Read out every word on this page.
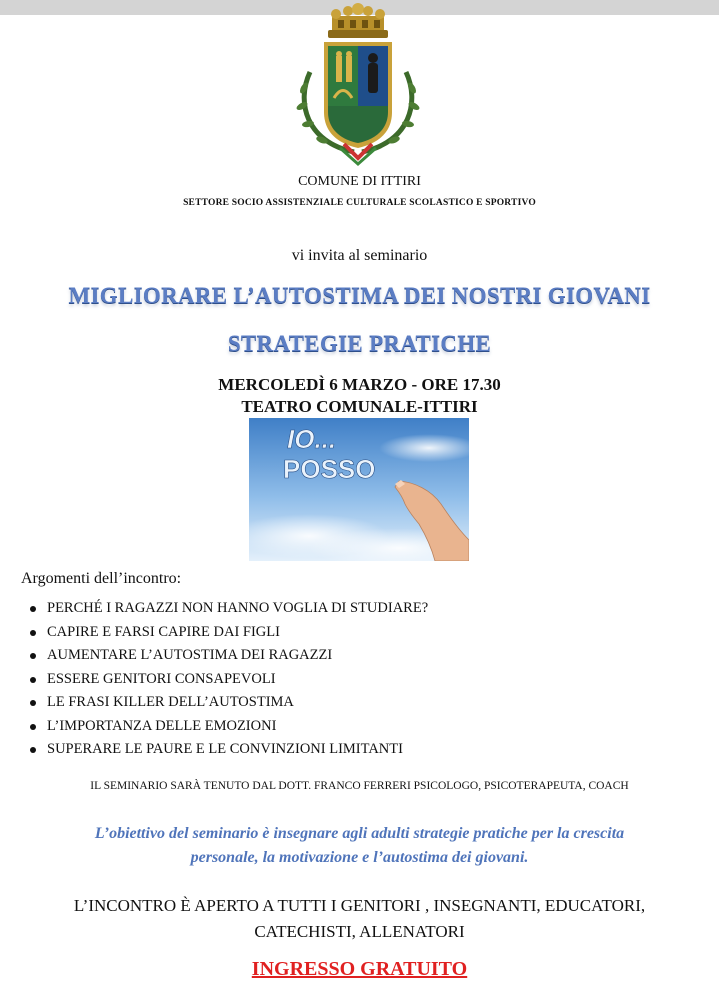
COMUNE DI ITTIRI
SETTORE SOCIO ASSISTENZIALE CULTURALE SCOLASTICO E SPORTIVO
vi invita al seminario
MIGLIORARE L’AUTOSTIMA DEI NOSTRI GIOVANI
STRATEGIE PRATICHE
MERCOLEDÌ 6 MARZO - ORE 17.30
TEATRO COMUNALE-ITTIRI
IO...
POSSO
Argomenti dell’incontro:
PERCHÉ I RAGAZZI NON HANNO VOGLIA DI STUDIARE?
CAPIRE E FARSI CAPIRE DAI FIGLI
AUMENTARE L’AUTOSTIMA DEI RAGAZZI
ESSERE GENITORI CONSAPEVOLI
LE FRASI KILLER DELL’AUTOSTIMA
L’IMPORTANZA DELLE EMOZIONI
SUPERARE LE PAURE E LE CONVINZIONI LIMITANTI
IL SEMINARIO SARÀ TENUTO DAL DOTT. FRANCO FERRERI PSICOLOGO, PSICOTERAPEUTA, COACH
L’obiettivo del seminario è insegnare agli adulti strategie pratiche per la crescita
personale, la motivazione e l’autostima dei giovani.
L’INCONTRO È APERTO A TUTTI I GENITORI , INSEGNANTI, EDUCATORI,
CATECHISTI, ALLENATORI
INGRESSO GRATUITO
